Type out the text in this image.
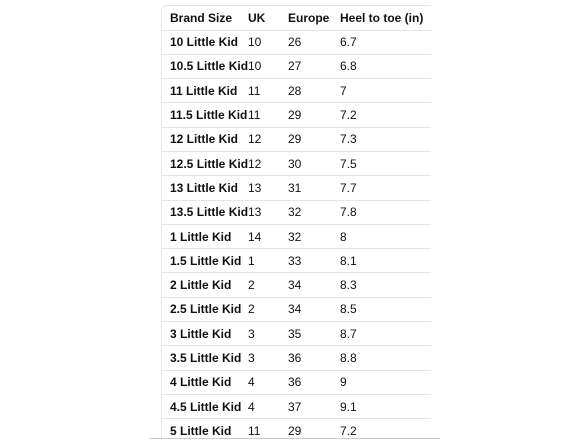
Brand Size	UK	Europe	Heel to toe (in)
10 Little Kid	10	26	6.7
10.5 Little Kid	10	27	6.8
11 Little Kid	11	28	7
11.5 Little Kid	11	29	7.2
12 Little Kid	12	29	7.3
12.5 Little Kid	12	30	7.5
13 Little Kid	13	31	7.7
13.5 Little Kid	13	32	7.8
1 Little Kid	14	32	8
1.5 Little Kid	1	33	8.1
2 Little Kid	2	34	8.3
2.5 Little Kid	2	34	8.5
3 Little Kid	3	35	8.7
3.5 Little Kid	3	36	8.8
4 Little Kid	4	36	9
4.5 Little Kid	4	37	9.1
5 Little Kid	11	29	7.2
